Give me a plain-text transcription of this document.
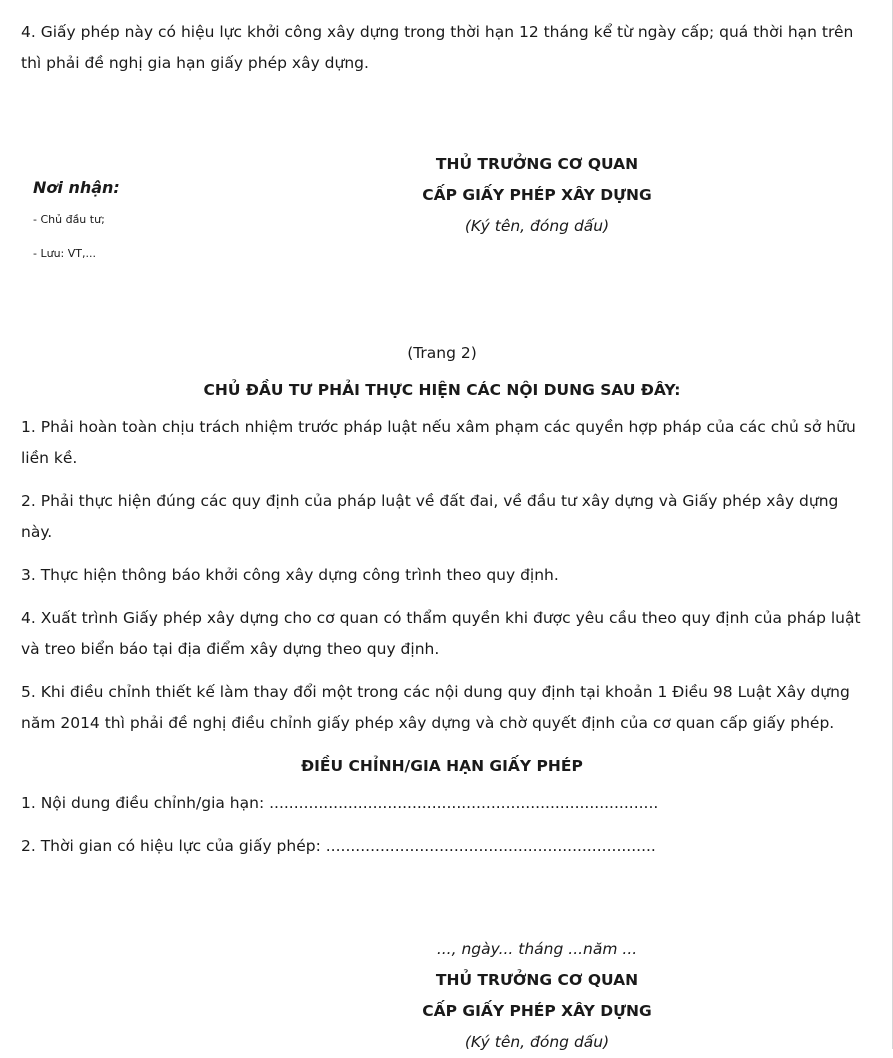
4. Giấy phép này có hiệu lực khởi công xây dựng trong thời hạn 12 tháng kể từ ngày cấp; quá thời hạn trên thì phải đề nghị gia hạn giấy phép xây dựng.

Nơi nhận:

- Chủ đầu tư;

- Lưu: VT,...

THỦ TRƯỞNG CƠ QUAN

CẤP GIẤY PHÉP XÂY DỰNG

(Ký tên, đóng dấu)

(Trang 2)

CHỦ ĐẦU TƯ PHẢI THỰC HIỆN CÁC NỘI DUNG SAU ĐÂY:

1. Phải hoàn toàn chịu trách nhiệm trước pháp luật nếu xâm phạm các quyền hợp pháp của các chủ sở hữu liền kề.

2. Phải thực hiện đúng các quy định của pháp luật về đất đai, về đầu tư xây dựng và Giấy phép xây dựng này.

3. Thực hiện thông báo khởi công xây dựng công trình theo quy định.

4. Xuất trình Giấy phép xây dựng cho cơ quan có thẩm quyền khi được yêu cầu theo quy định của pháp luật và treo biển báo tại địa điểm xây dựng theo quy định.

5. Khi điều chỉnh thiết kế làm thay đổi một trong các nội dung quy định tại khoản 1 Điều 98 Luật Xây dựng năm 2014 thì phải đề nghị điều chỉnh giấy phép xây dựng và chờ quyết định của cơ quan cấp giấy phép.

ĐIỀU CHỈNH/GIA HẠN GIẤY PHÉP

1. Nội dung điều chỉnh/gia hạn: ...............................................................................

2. Thời gian có hiệu lực của giấy phép: ...................................................................

..., ngày... tháng ...năm ...

THỦ TRƯỞNG CƠ QUAN

CẤP GIẤY PHÉP XÂY DỰNG

(Ký tên, đóng dấu)
